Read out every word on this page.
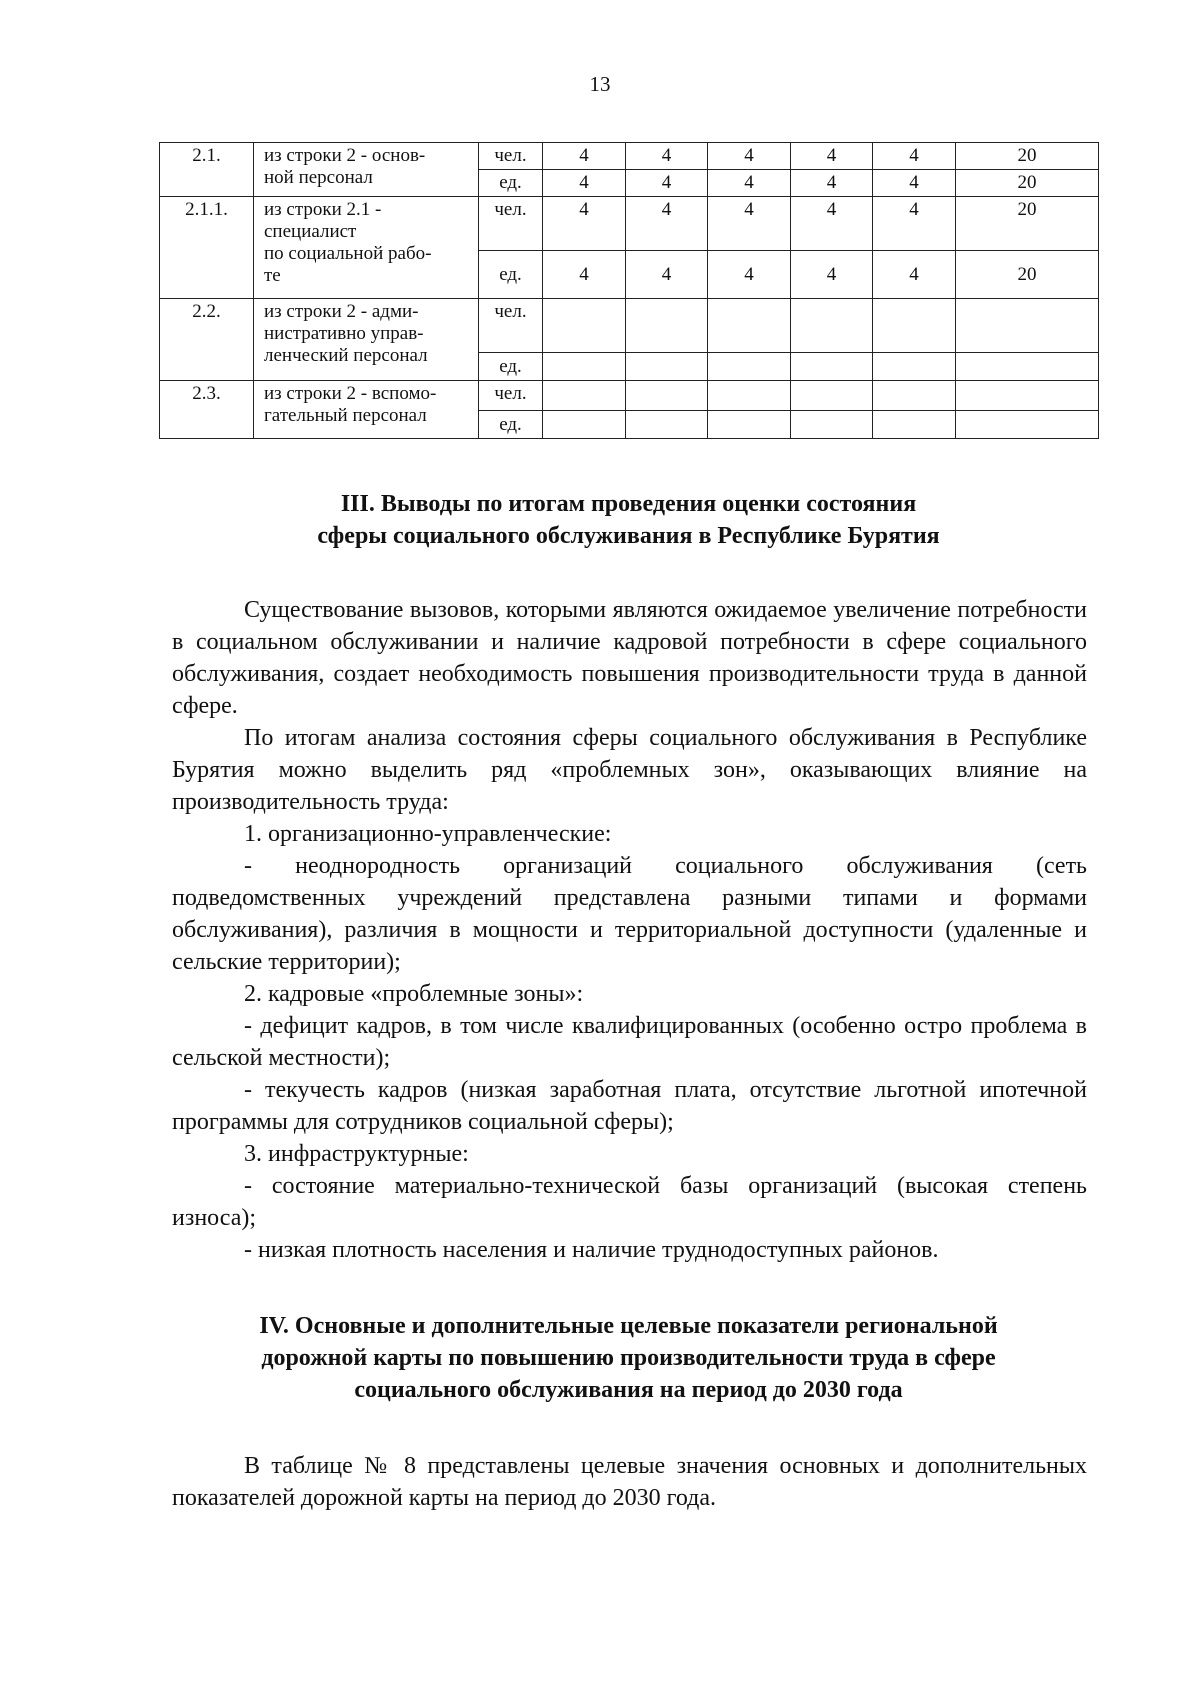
13
2.1.	из строки 2 - основ-
ной персонал	чел.	4	4	4	4	4	20
		ед.	4	4	4	4	4	20
2.1.1.	из строки 2.1 -
специалист
по социальной рабо-
те	чел.	4	4	4	4	4	20
		ед.	4	4	4	4	4	20
2.2.	из строки 2 - адми-
нистративно управ-
ленческий персонал	чел.						
		ед.						
2.3.	из строки 2 - вспомо-
гательный персонал	чел.						
		ед.						
III. Выводы по итогам проведения оценки состояния
сферы социального обслуживания в Республике Бурятия

Существование вызовов, которыми являются ожидаемое увеличение потребности в социальном обслуживании и наличие кадровой потребности в сфере социального обслуживания, создает необходимость повышения производительности труда в данной сфере.

По итогам анализа состояния сферы социального обслуживания в Республике Бурятия можно выделить ряд «проблемных зон», оказывающих влияние на производительность труда:

1. организационно-управленческие:

- неоднородность организаций социального обслуживания (сеть подведомственных учреждений представлена разными типами и формами обслуживания), различия в мощности и территориальной доступности (удаленные и сельские территории);

2. кадровые «проблемные зоны»:

- дефицит кадров, в том числе квалифицированных (особенно остро проблема в сельской местности);

- текучесть кадров (низкая заработная плата, отсутствие льготной ипотечной программы для сотрудников социальной сферы);

3. инфраструктурные:

- состояние материально-технической базы организаций (высокая степень износа);

- низкая плотность населения и наличие труднодоступных районов.

IV. Основные и дополнительные целевые показатели региональной
дорожной карты по повышению производительности труда в сфере
социального обслуживания на период до 2030 года

В таблице № 8 представлены целевые значения основных и дополнительных показателей дорожной карты на период до 2030 года.
